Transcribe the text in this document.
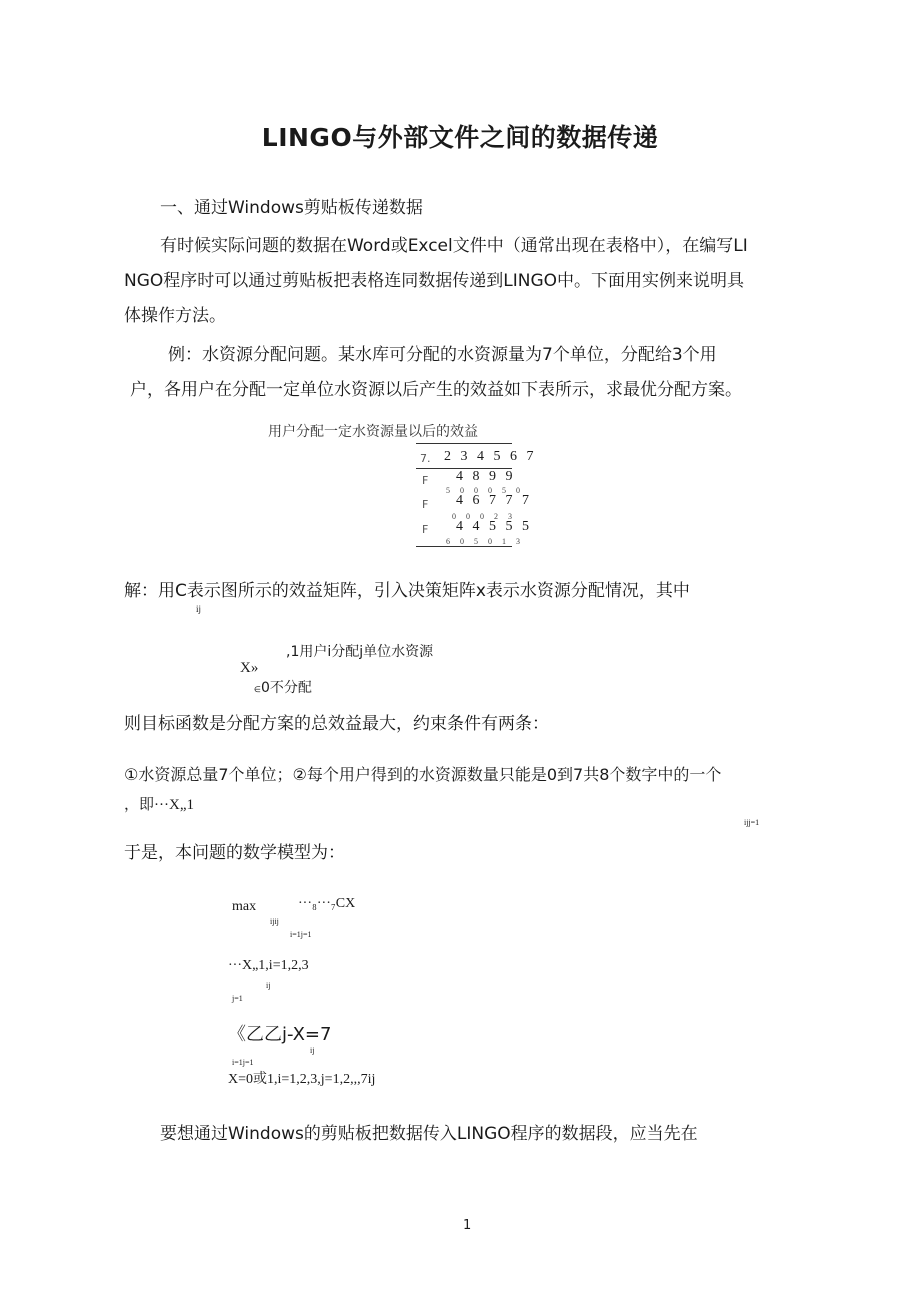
LINGO与外部文件之间的数据传递
一、通过Windows剪贴板传递数据
有时候实际问题的数据在Word或Excel文件中（通常出现在表格中），在编写LI
NGO程序时可以通过剪贴板把表格连同数据传递到LINGO中。下面用实例来说明具
体操作方法。
例：水资源分配问题。某水库可分配的水资源量为7个单位，分配给3个用
户，各用户在分配一定单位水资源以后产生的效益如下表所示，求最优分配方案。
用户分配一定水资源量以后的效益
7. 2 3 4 5 6 7
F 4 8 9 9
5 0 0 0 5 0
F 4 6 7 7 7
0 0 0 2 3
F 4 4 5 5 5
6 0 5 0 1 3
解：用C表示图所示的效益矩阵，引入决策矩阵x表示水资源分配情况，其中
ij
X»
,1用户i分配j单位水资源
∈0不分配
则目标函数是分配方案的总效益最大，约束条件有两条：
①水资源总量7个单位；②每个用户得到的水资源数量只能是0到7共8个数字中的一个
，即···X„1
ijj=1
于是，本问题的数学模型为：
max	···₈···₇CX
ijij
i=1j=1
···X„1,i=1,2,3
ij
j=1
《乙乙j-X=7
ij
i=1j=1
X=0或1,i=1,2,3,j=1,2,,,7ij
要想通过Windows的剪贴板把数据传入LINGO程序的数据段，应当先在
1
